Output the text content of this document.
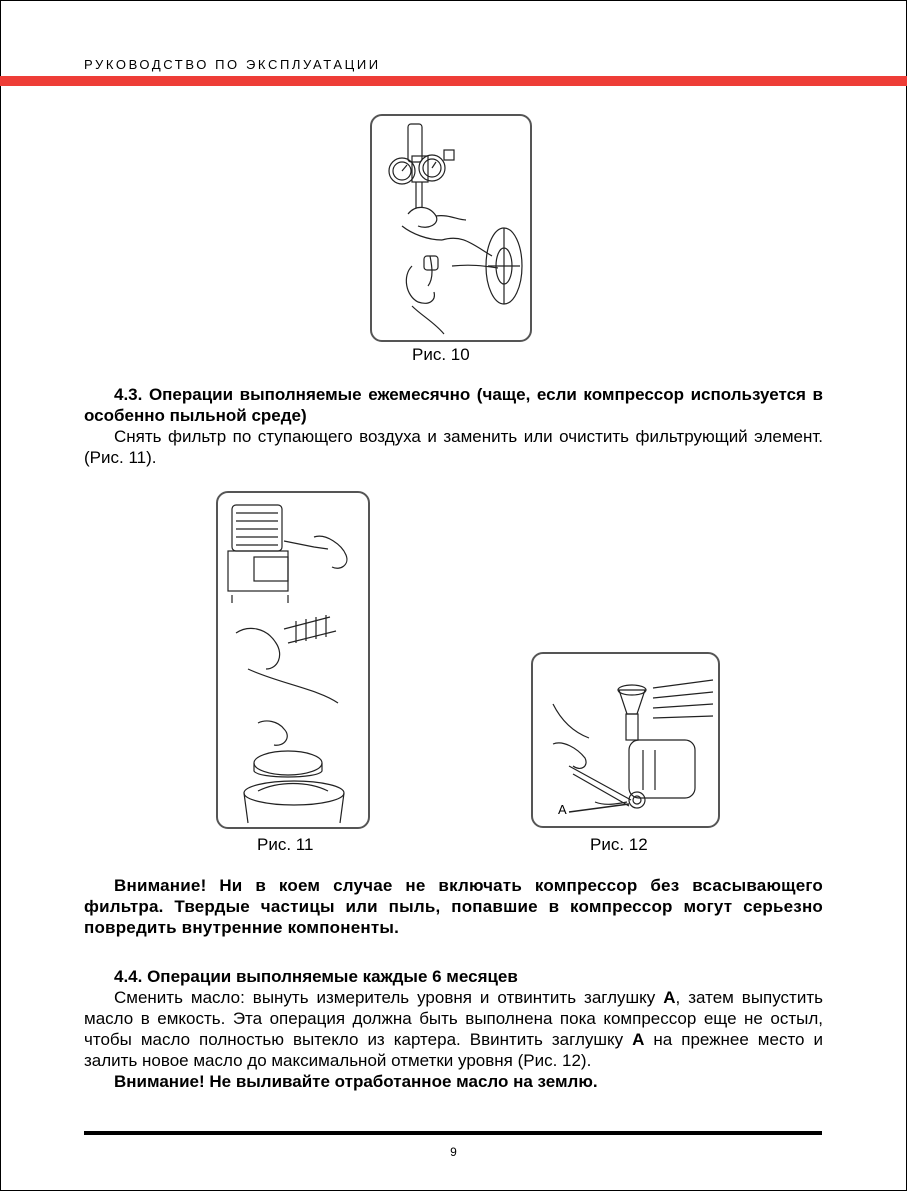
РУКОВОДСТВО ПО ЭКСПЛУАТАЦИИ
Рис. 10

4.3. Операции выполняемые ежемесячно (чаще, если компрессор используется в особенно пыльной среде)

Снять фильтр по ступающего воздуха и заменить или очистить фильтрующий элемент. (Рис. 11).

Рис. 11
A
Рис. 12

Внимание! Ни в коем случае не включать компрессор без всасывающего фильтра. Твердые частицы или пыль, попавшие в компрессор могут серьезно повредить внутренние компоненты.

4.4. Операции выполняемые каждые 6 месяцев

Сменить масло: вынуть измеритель уровня и отвинтить заглушку А, затем выпустить масло в емкость. Эта операция должна быть выполнена пока компрессор еще не остыл, чтобы масло полностью вытекло из картера. Ввинтить заглушку А на прежнее место и залить новое масло до максимальной отметки уровня (Рис. 12).

Внимание! Не выливайте отработанное масло на землю.

9
